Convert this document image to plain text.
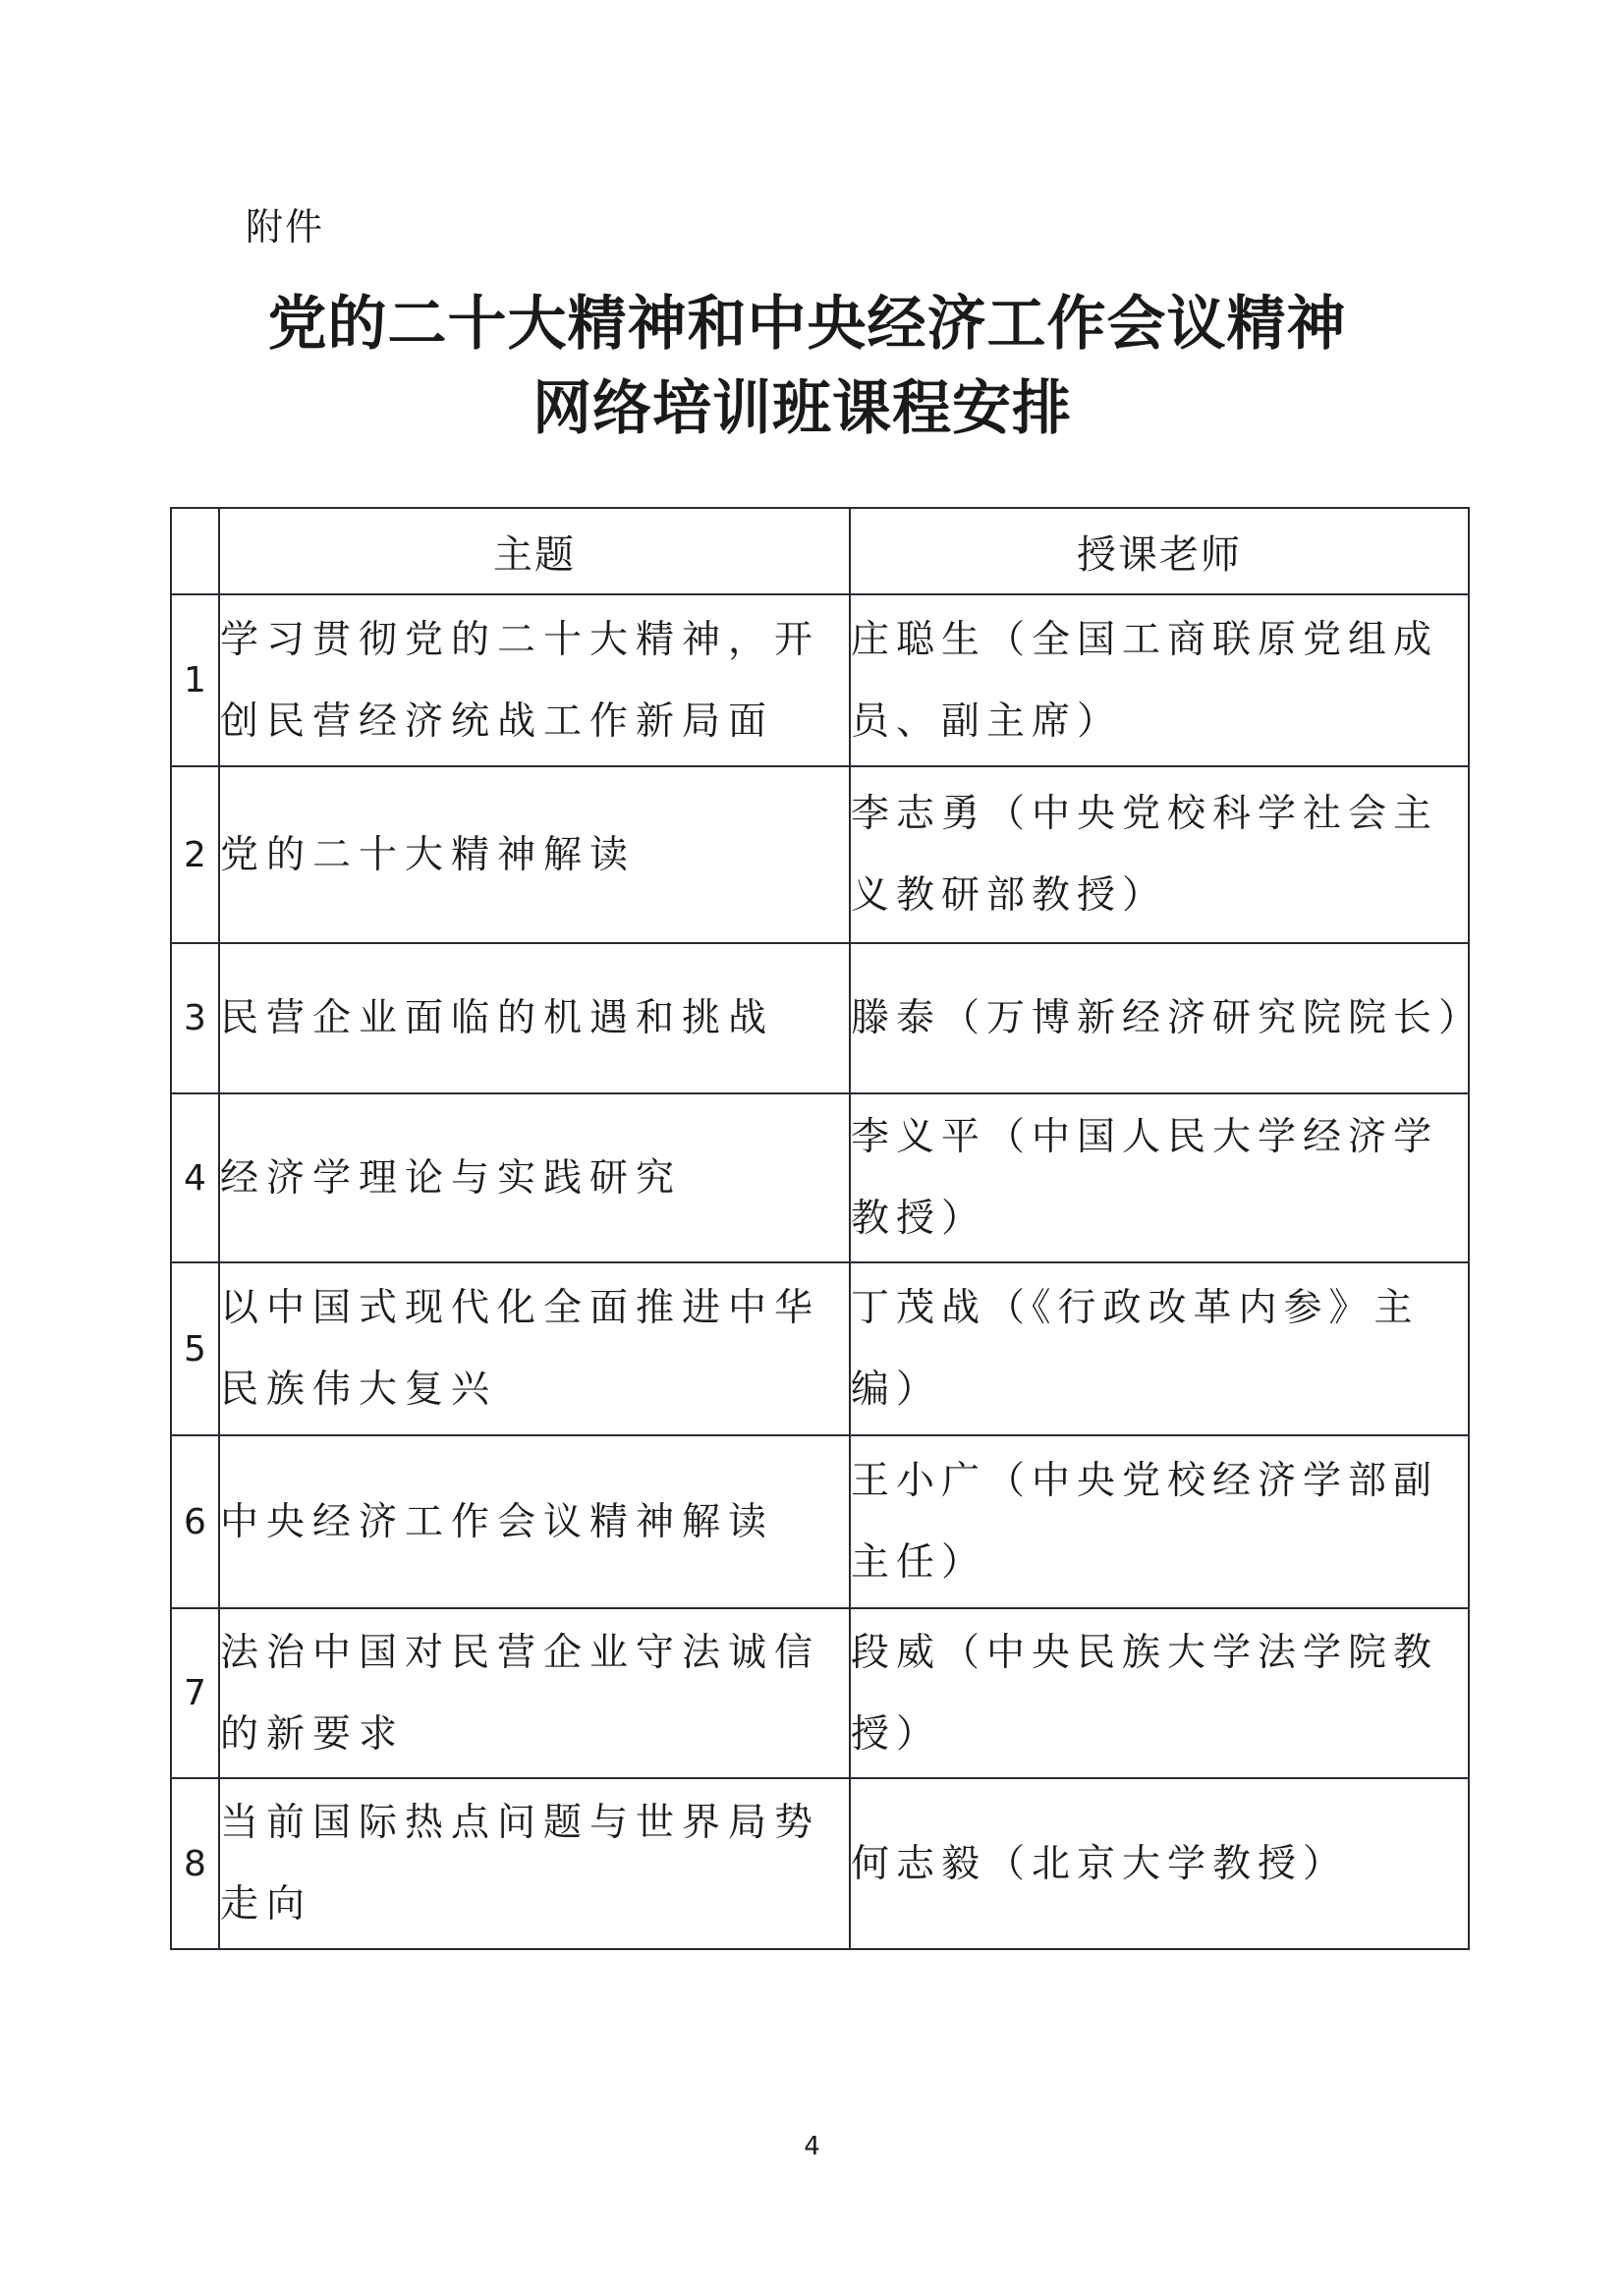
附件
党的二十大精神和中央经济工作会议精神
网络培训班课程安排
	主题	授课老师
1	学习贯彻党的二十大精神，开创民营经济统战工作新局面	庄聪生（全国工商联原党组成员、副主席）
2	党的二十大精神解读	李志勇（中央党校科学社会主义教研部教授）
3	民营企业面临的机遇和挑战	滕泰（万博新经济研究院院长）
4	经济学理论与实践研究	李义平（中国人民大学经济学教授）
5	以中国式现代化全面推进中华民族伟大复兴	丁茂战（《行政改革内参》主编）
6	中央经济工作会议精神解读	王小广（中央党校经济学部副主任）
7	法治中国对民营企业守法诚信的新要求	段威（中央民族大学法学院教授）
8	当前国际热点问题与世界局势走向	何志毅（北京大学教授）
4
